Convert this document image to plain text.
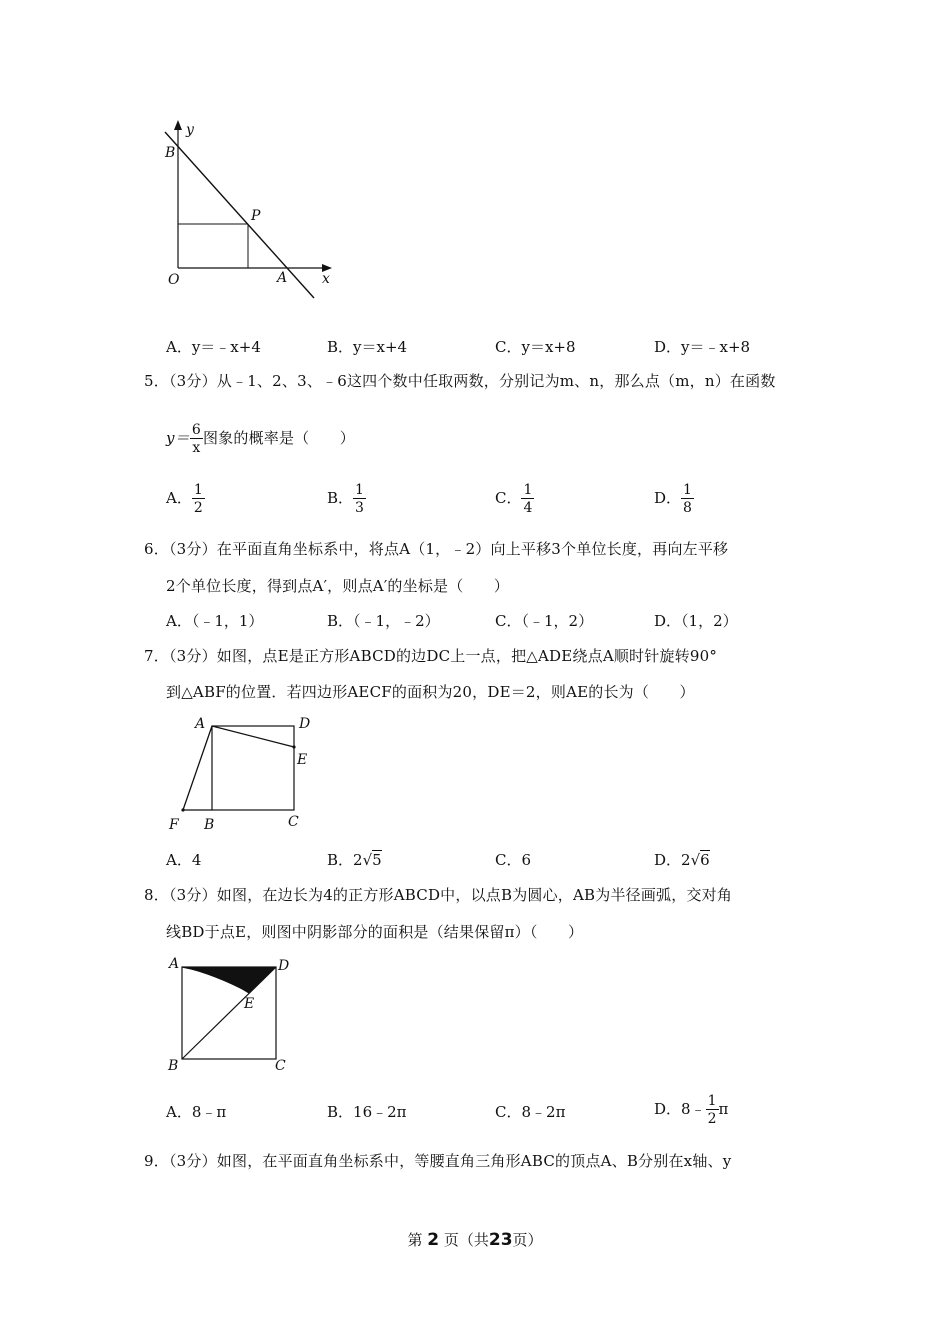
y
B
P
O	A x
A．y＝﹣x+4	B．y＝x+4	C．y＝x+8	D．y＝﹣x+8
5．（3分）从﹣1、2、3、﹣6这四个数中任取两数，分别记为m、n，那么点（m，n）在函数
$y= \frac{6}{x}$ 图象的概率是（　　）
A． $\frac{1}{2}$	B． $\frac{1}{3}$	C． $\frac{1}{4}$	D． $\frac{1}{8}$
6．（3分）在平面直角坐标系中，将点A（1，﹣2）向上平移3个单位长度，再向左平移
2个单位长度，得到点A′，则点A′的坐标是（　　）
A．（﹣1，1）	B．（﹣1，﹣2）	C．（﹣1，2）	D．（1，2）
7．（3分）如图，点E是正方形ABCD的边DC上一点，把△ADE绕点A顺时针旋转90°
到△ABF的位置．若四边形AECF的面积为20，DE＝2，则AE的长为（　　）
A	D
E
F B	C
A．4	B．2√5	C．6	D．2√6
8．（3分）如图，在边长为4的正方形ABCD中，以点B为圆心，AB为半径画弧，交对角
线BD于点E，则图中阴影部分的面积是（结果保留π）（　　）
A	D
E
B	C
A．8﹣π	B．16﹣2π	C．8﹣2π	D．8﹣ $\frac{1}{2}$ π
9．（3分）如图，在平面直角坐标系中，等腰直角三角形ABC的顶点A、B分别在x轴、y
第 2 页（共23页）
